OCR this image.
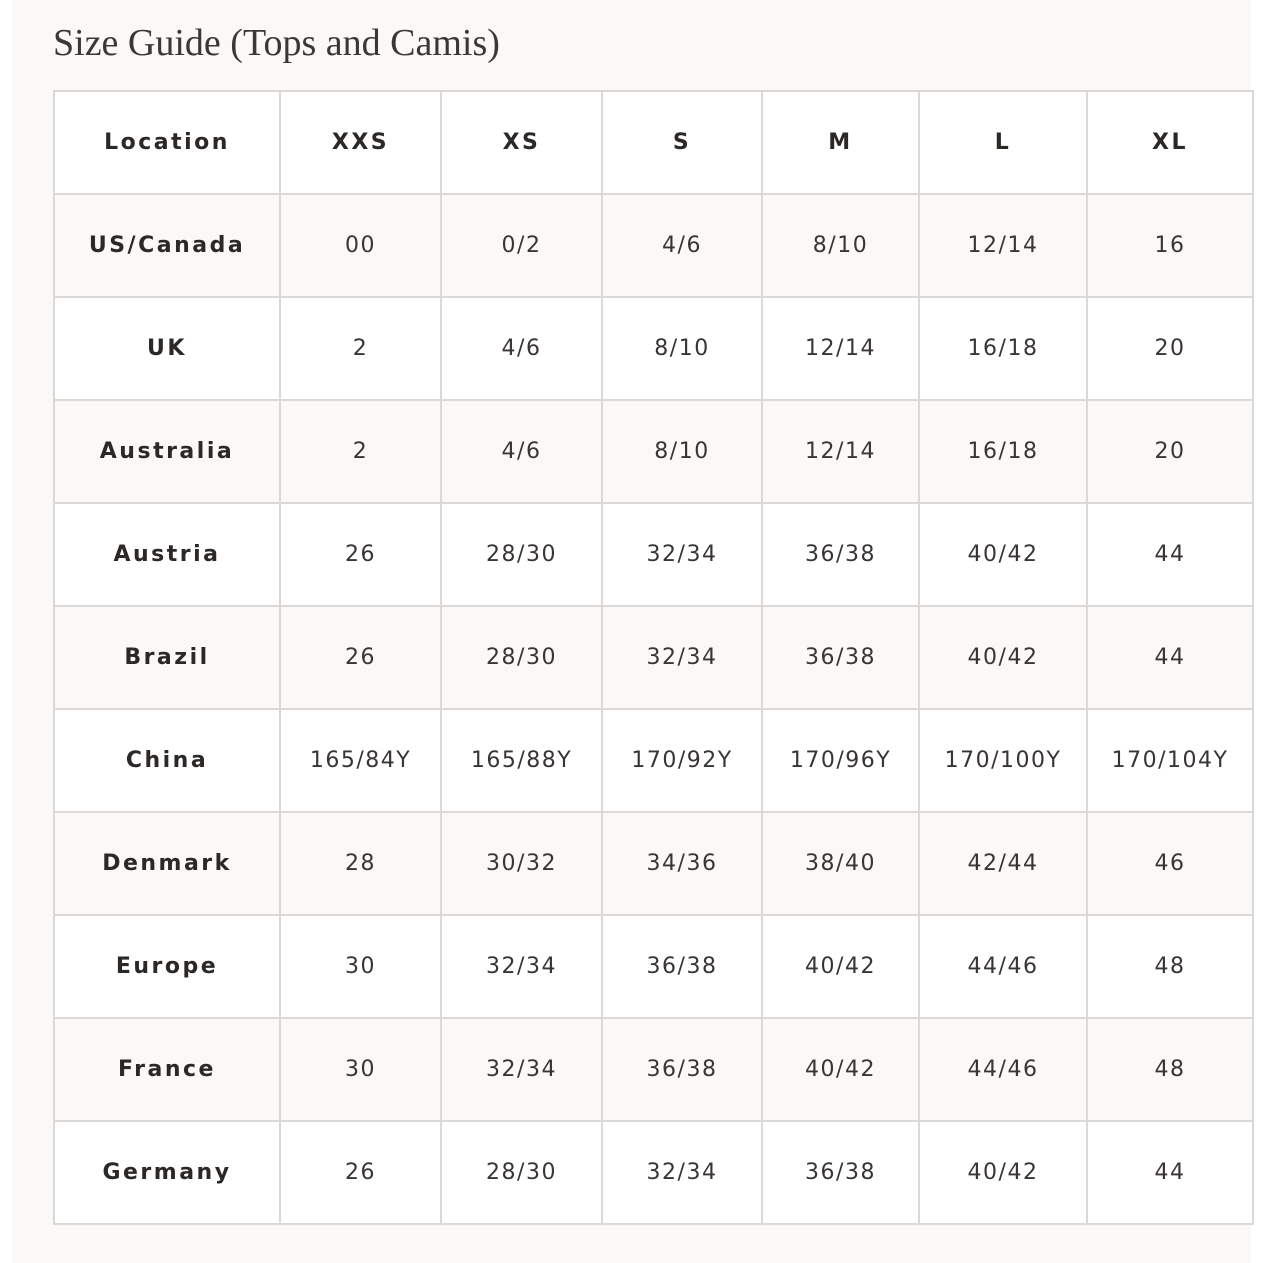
Size Guide (Tops and Camis)
Location	XXS	XS	S	M	L	XL
US/Canada	00	0/2	4/6	8/10	12/14	16
UK	2	4/6	8/10	12/14	16/18	20
Australia	2	4/6	8/10	12/14	16/18	20
Austria	26	28/30	32/34	36/38	40/42	44
Brazil	26	28/30	32/34	36/38	40/42	44
China	165/84Y	165/88Y	170/92Y	170/96Y	170/100Y	170/104Y
Denmark	28	30/32	34/36	38/40	42/44	46
Europe	30	32/34	36/38	40/42	44/46	48
France	30	32/34	36/38	40/42	44/46	48
Germany	26	28/30	32/34	36/38	40/42	44
